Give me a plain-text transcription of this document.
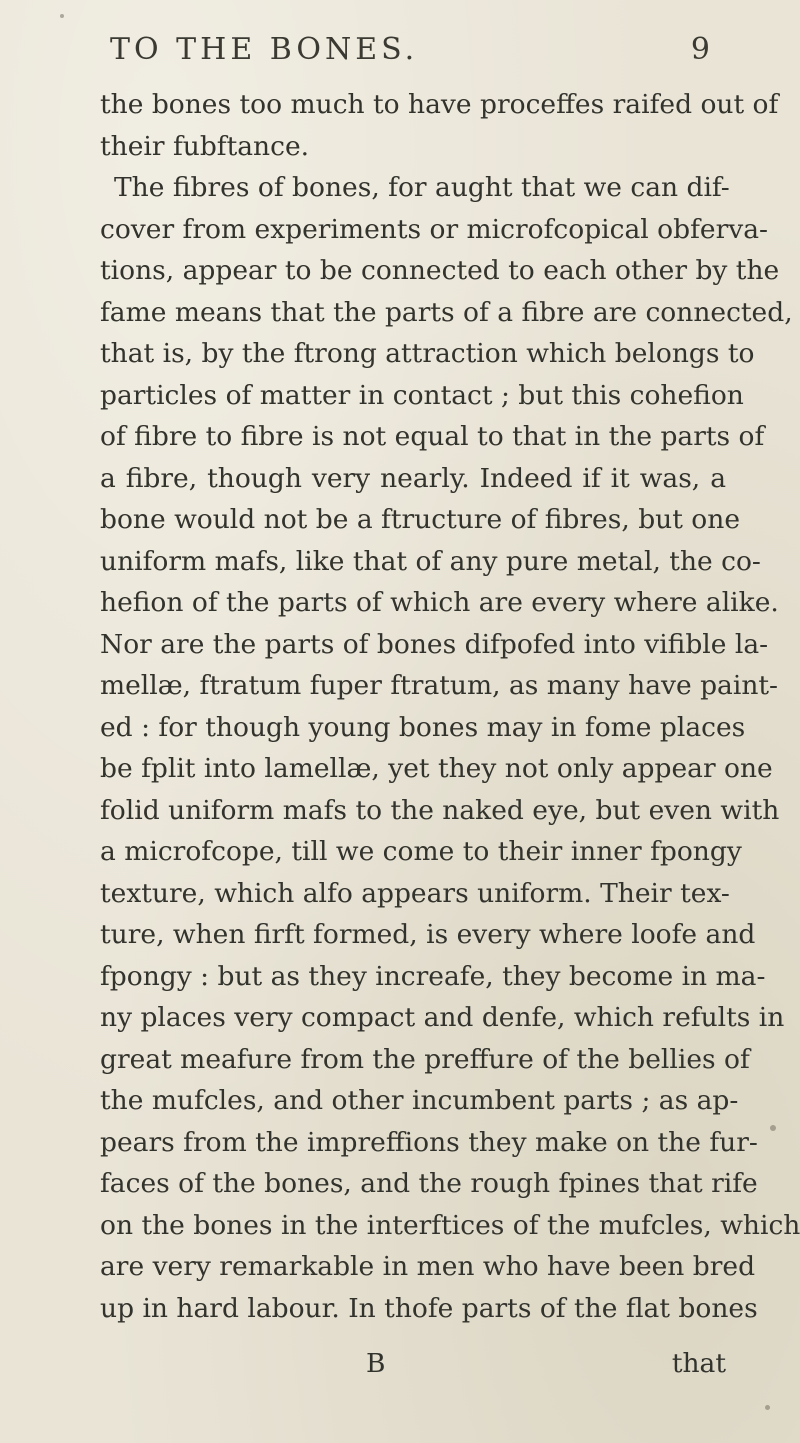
TO THE BONES.	9
the bones too much to have proceffes raifed out of
their fubftance.
The fibres of bones, for aught that we can dif-
cover from experiments or microfcopical obferva-
tions, appear to be connected to each other by the
fame means that the parts of a fibre are connected,
that is, by the ftrong attraction which belongs to
particles of matter in contact ; but this cohefion
of fibre to fibre is not equal to that in the parts of
a fibre, though very nearly. Indeed if it was, a
bone would not be a ftructure of fibres, but one
uniform mafs, like that of any pure metal, the co-
hefion of the parts of which are every where alike.
Nor are the parts of bones difpofed into vifible la-
mellæ, ftratum fuper ftratum, as many have paint-
ed : for though young bones may in fome places
be fplit into lamellæ, yet they not only appear one
folid uniform mafs to the naked eye, but even with
a microfcope, till we come to their inner fpongy
texture, which alfo appears uniform. Their tex-
ture, when firft formed, is every where loofe and
fpongy : but as they increafe, they become in ma-
ny places very compact and denfe, which refults in
great meafure from the preffure of the bellies of
the mufcles, and other incumbent parts ; as ap-
pears from the impreffions they make on the fur-
faces of the bones, and the rough fpines that rife
on the bones in the interftices of the mufcles, which
are very remarkable in men who have been bred
up in hard labour. In thofe parts of the flat bones
B	that
